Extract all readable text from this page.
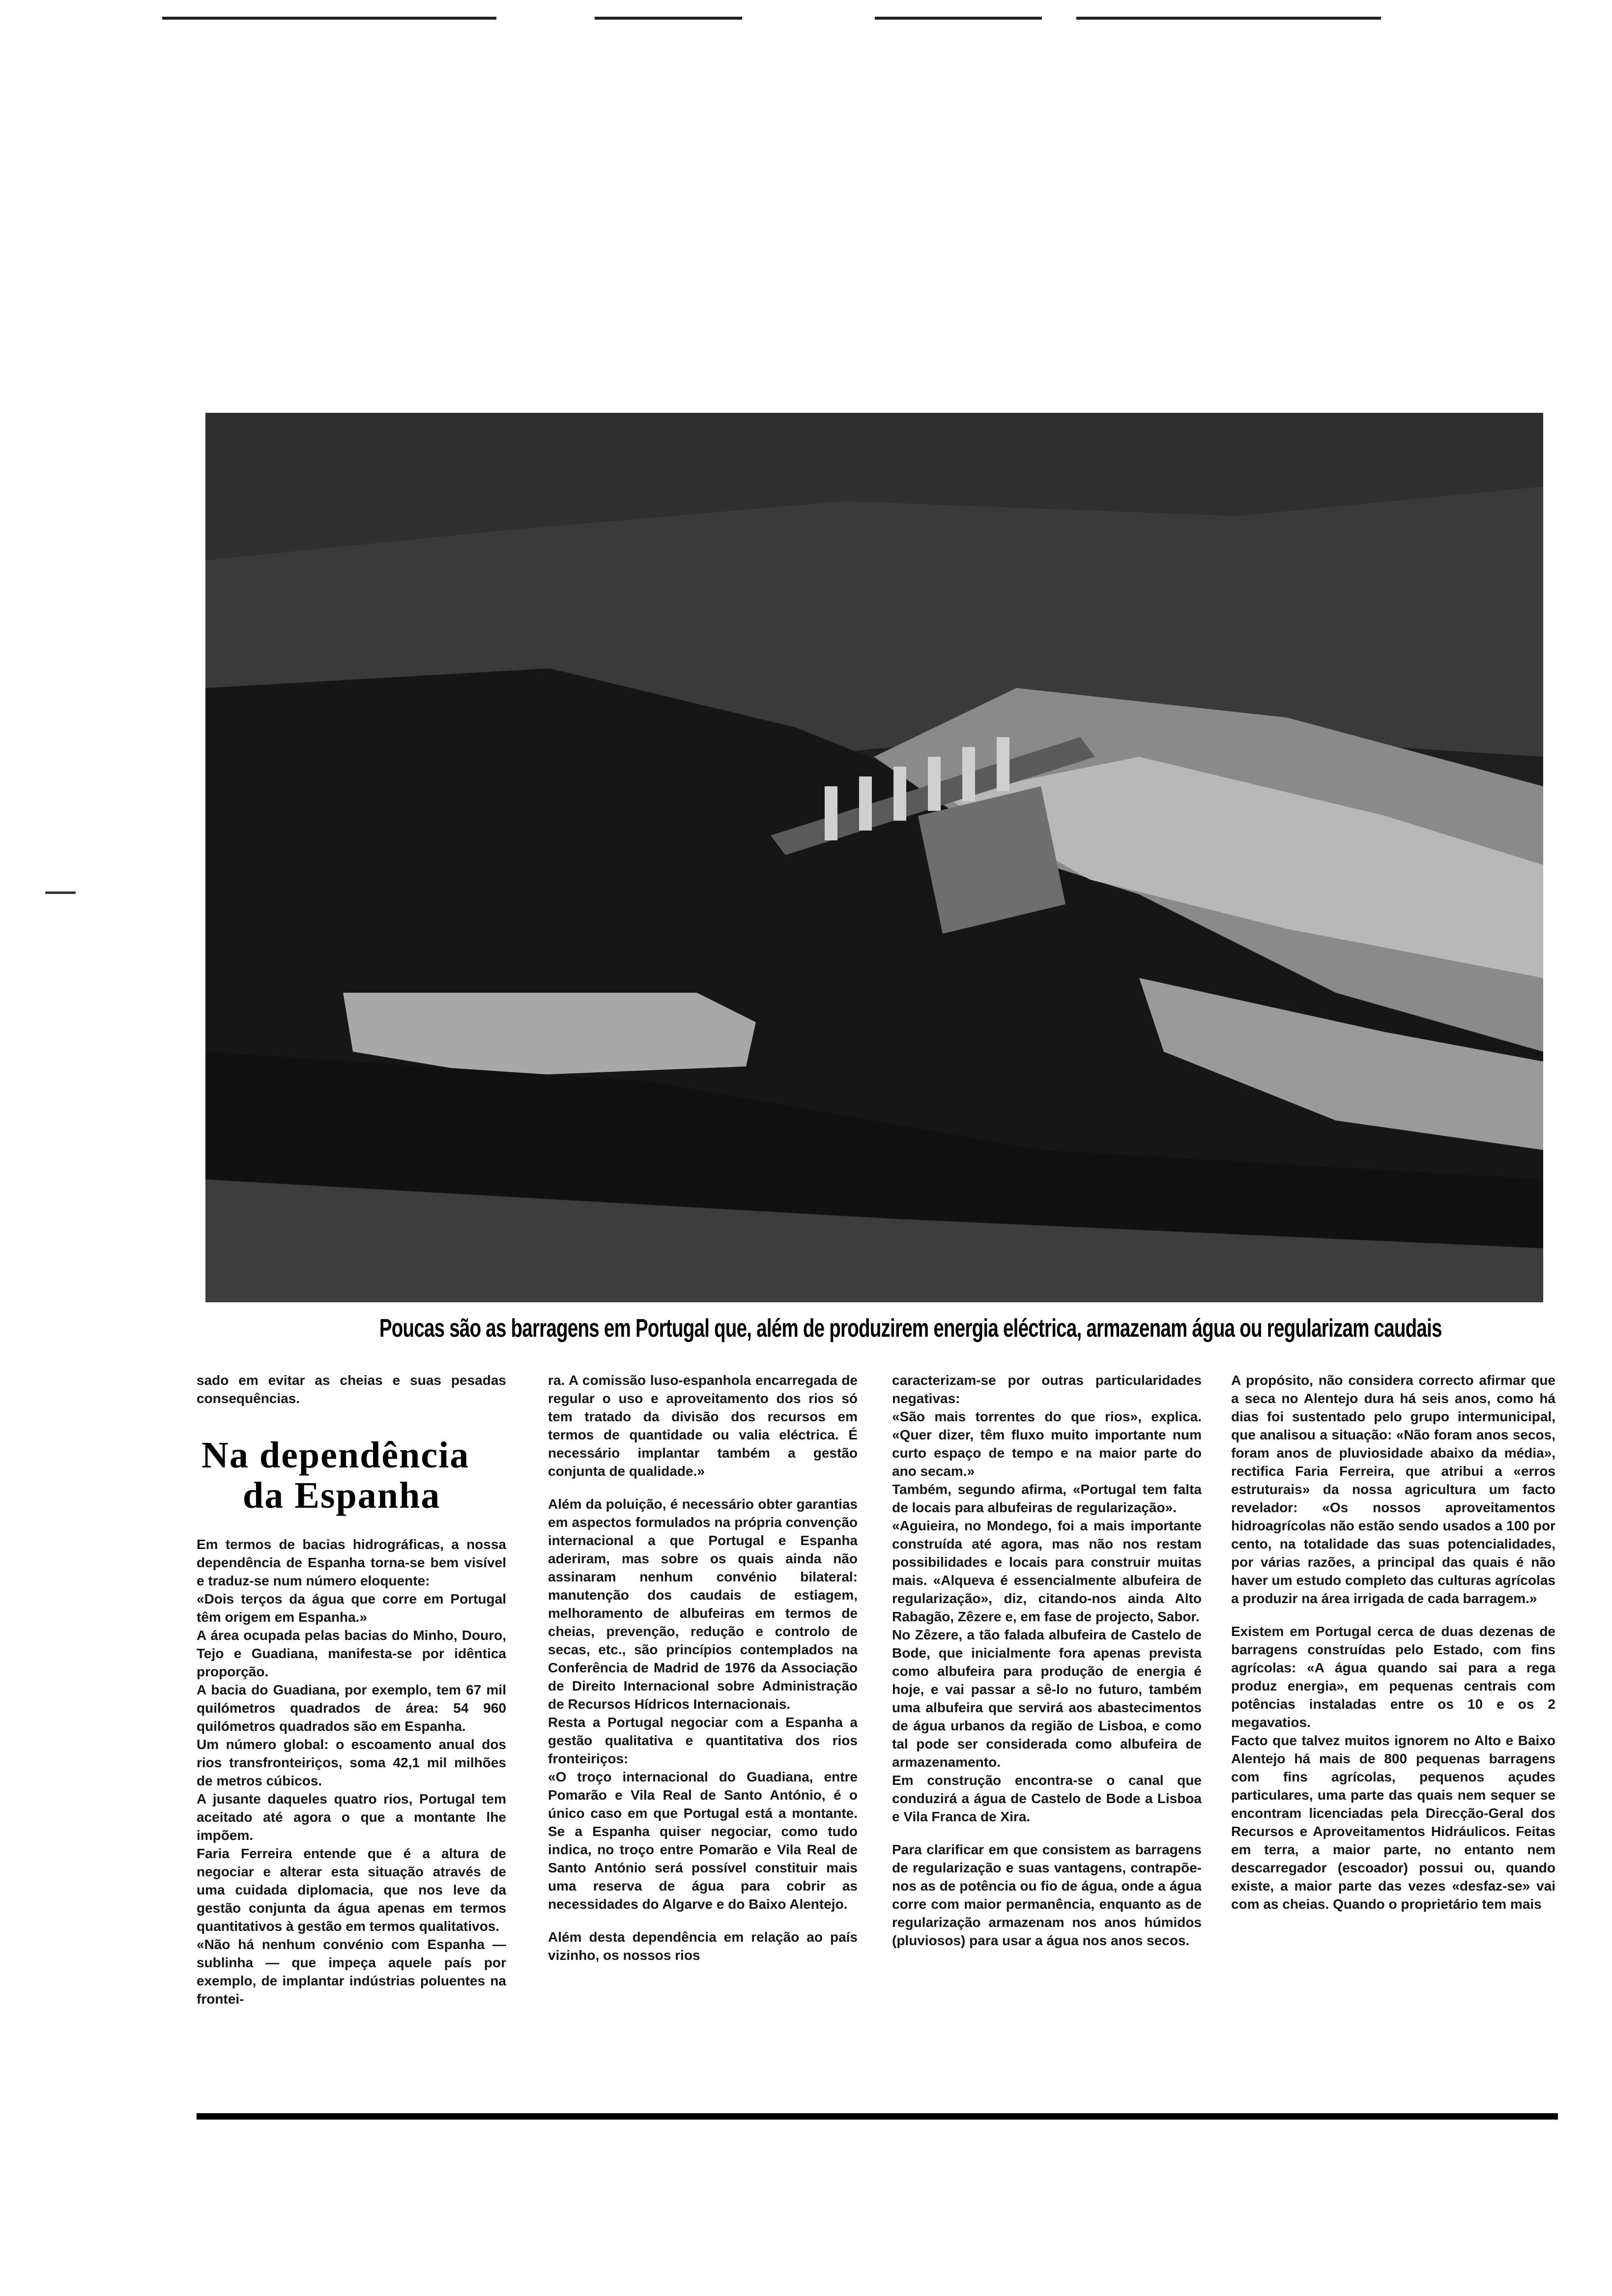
Poucas são as barragens em Portugal que, além de produzirem energia eléctrica, armazenam água ou regularizam caudais

sado em evitar as cheias e suas pesadas consequências.

Na dependência
da Espanha

Em termos de bacias hidrográficas, a nossa dependência de Espanha torna-se bem visível e traduz-se num número eloquente:

«Dois terços da água que corre em Portugal têm origem em Espanha.»

A área ocupada pelas bacias do Minho, Douro, Tejo e Guadiana, manifesta-se por idêntica proporção.

A bacia do Guadiana, por exemplo, tem 67 mil quilómetros quadrados de área: 54 960 quilómetros quadrados são em Espanha.

Um número global: o escoamento anual dos rios transfronteiriços, soma 42,1 mil milhões de metros cúbicos.

A jusante daqueles quatro rios, Portugal tem aceitado até agora o que a montante lhe impõem.

Faria Ferreira entende que é a altura de negociar e alterar esta situação através de uma cuidada diplomacia, que nos leve da gestão conjunta da água apenas em termos quantitativos à gestão em termos qualitativos.

«Não há nenhum convénio com Espanha — sublinha — que impeça aquele país por exemplo, de implantar indústrias poluentes na frontei-

ra. A comissão luso-espanhola encarregada de regular o uso e aproveitamento dos rios só tem tratado da divisão dos recursos em termos de quantidade ou valia eléctrica. É necessário implantar também a gestão conjunta de qualidade.»

Além da poluição, é necessário obter garantias em aspectos formulados na própria convenção internacional a que Portugal e Espanha aderiram, mas sobre os quais ainda não assinaram nenhum convénio bilateral: manutenção dos caudais de estiagem, melhoramento de albufeiras em termos de cheias, prevenção, redução e controlo de secas, etc., são princípios contemplados na Conferência de Madrid de 1976 da Associação de Direito Internacional sobre Administração de Recursos Hídricos Internacionais.

Resta a Portugal negociar com a Espanha a gestão qualitativa e quantitativa dos rios fronteiriços:

«O troço internacional do Guadiana, entre Pomarão e Vila Real de Santo António, é o único caso em que Portugal está a montante. Se a Espanha quiser negociar, como tudo indica, no troço entre Pomarão e Vila Real de Santo António será possível constituir mais uma reserva de água para cobrir as necessidades do Algarve e do Baixo Alentejo.

Além desta dependência em relação ao país vizinho, os nossos rios

caracterizam-se por outras particularidades negativas:

«São mais torrentes do que rios», explica. «Quer dizer, têm fluxo muito importante num curto espaço de tempo e na maior parte do ano secam.»

Também, segundo afirma, «Portugal tem falta de locais para albufeiras de regularização».

«Aguieira, no Mondego, foi a mais importante construída até agora, mas não nos restam possibilidades e locais para construir muitas mais. «Alqueva é essencialmente albufeira de regularização», diz, citando-nos ainda Alto Rabagão, Zêzere e, em fase de projecto, Sabor.

No Zêzere, a tão falada albufeira de Castelo de Bode, que inicialmente fora apenas prevista como albufeira para produção de energia é hoje, e vai passar a sê-lo no futuro, também uma albufeira que servirá aos abastecimentos de água urbanos da região de Lisboa, e como tal pode ser considerada como albufeira de armazenamento.

Em construção encontra-se o canal que conduzirá a água de Castelo de Bode a Lisboa e Vila Franca de Xira.

Para clarificar em que consistem as barragens de regularização e suas vantagens, contrapõe-nos as de potência ou fio de água, onde a água corre com maior permanência, enquanto as de regularização armazenam nos anos húmidos (pluviosos) para usar a água nos anos secos.

A propósito, não considera correcto afirmar que a seca no Alentejo dura há seis anos, como há dias foi sustentado pelo grupo intermunicipal, que analisou a situação: «Não foram anos secos, foram anos de pluviosidade abaixo da média», rectifica Faria Ferreira, que atribui a «erros estruturais» da nossa agricultura um facto revelador: «Os nossos aproveitamentos hidroagrícolas não estão sendo usados a 100 por cento, na totalidade das suas potencialidades, por várias razões, a principal das quais é não haver um estudo completo das culturas agrícolas a produzir na área irrigada de cada barragem.»

Existem em Portugal cerca de duas dezenas de barragens construídas pelo Estado, com fins agrícolas: «A água quando sai para a rega produz energia», em pequenas centrais com potências instaladas entre os 10 e os 2 megavatios.

Facto que talvez muitos ignorem no Alto e Baixo Alentejo há mais de 800 pequenas barragens com fins agrícolas, pequenos açudes particulares, uma parte das quais nem sequer se encontram licenciadas pela Direcção-Geral dos Recursos e Aproveitamentos Hidráulicos. Feitas em terra, a maior parte, no entanto nem descarregador (escoador) possui ou, quando existe, a maior parte das vezes «desfaz-se» vai com as cheias. Quando o proprietário tem mais
